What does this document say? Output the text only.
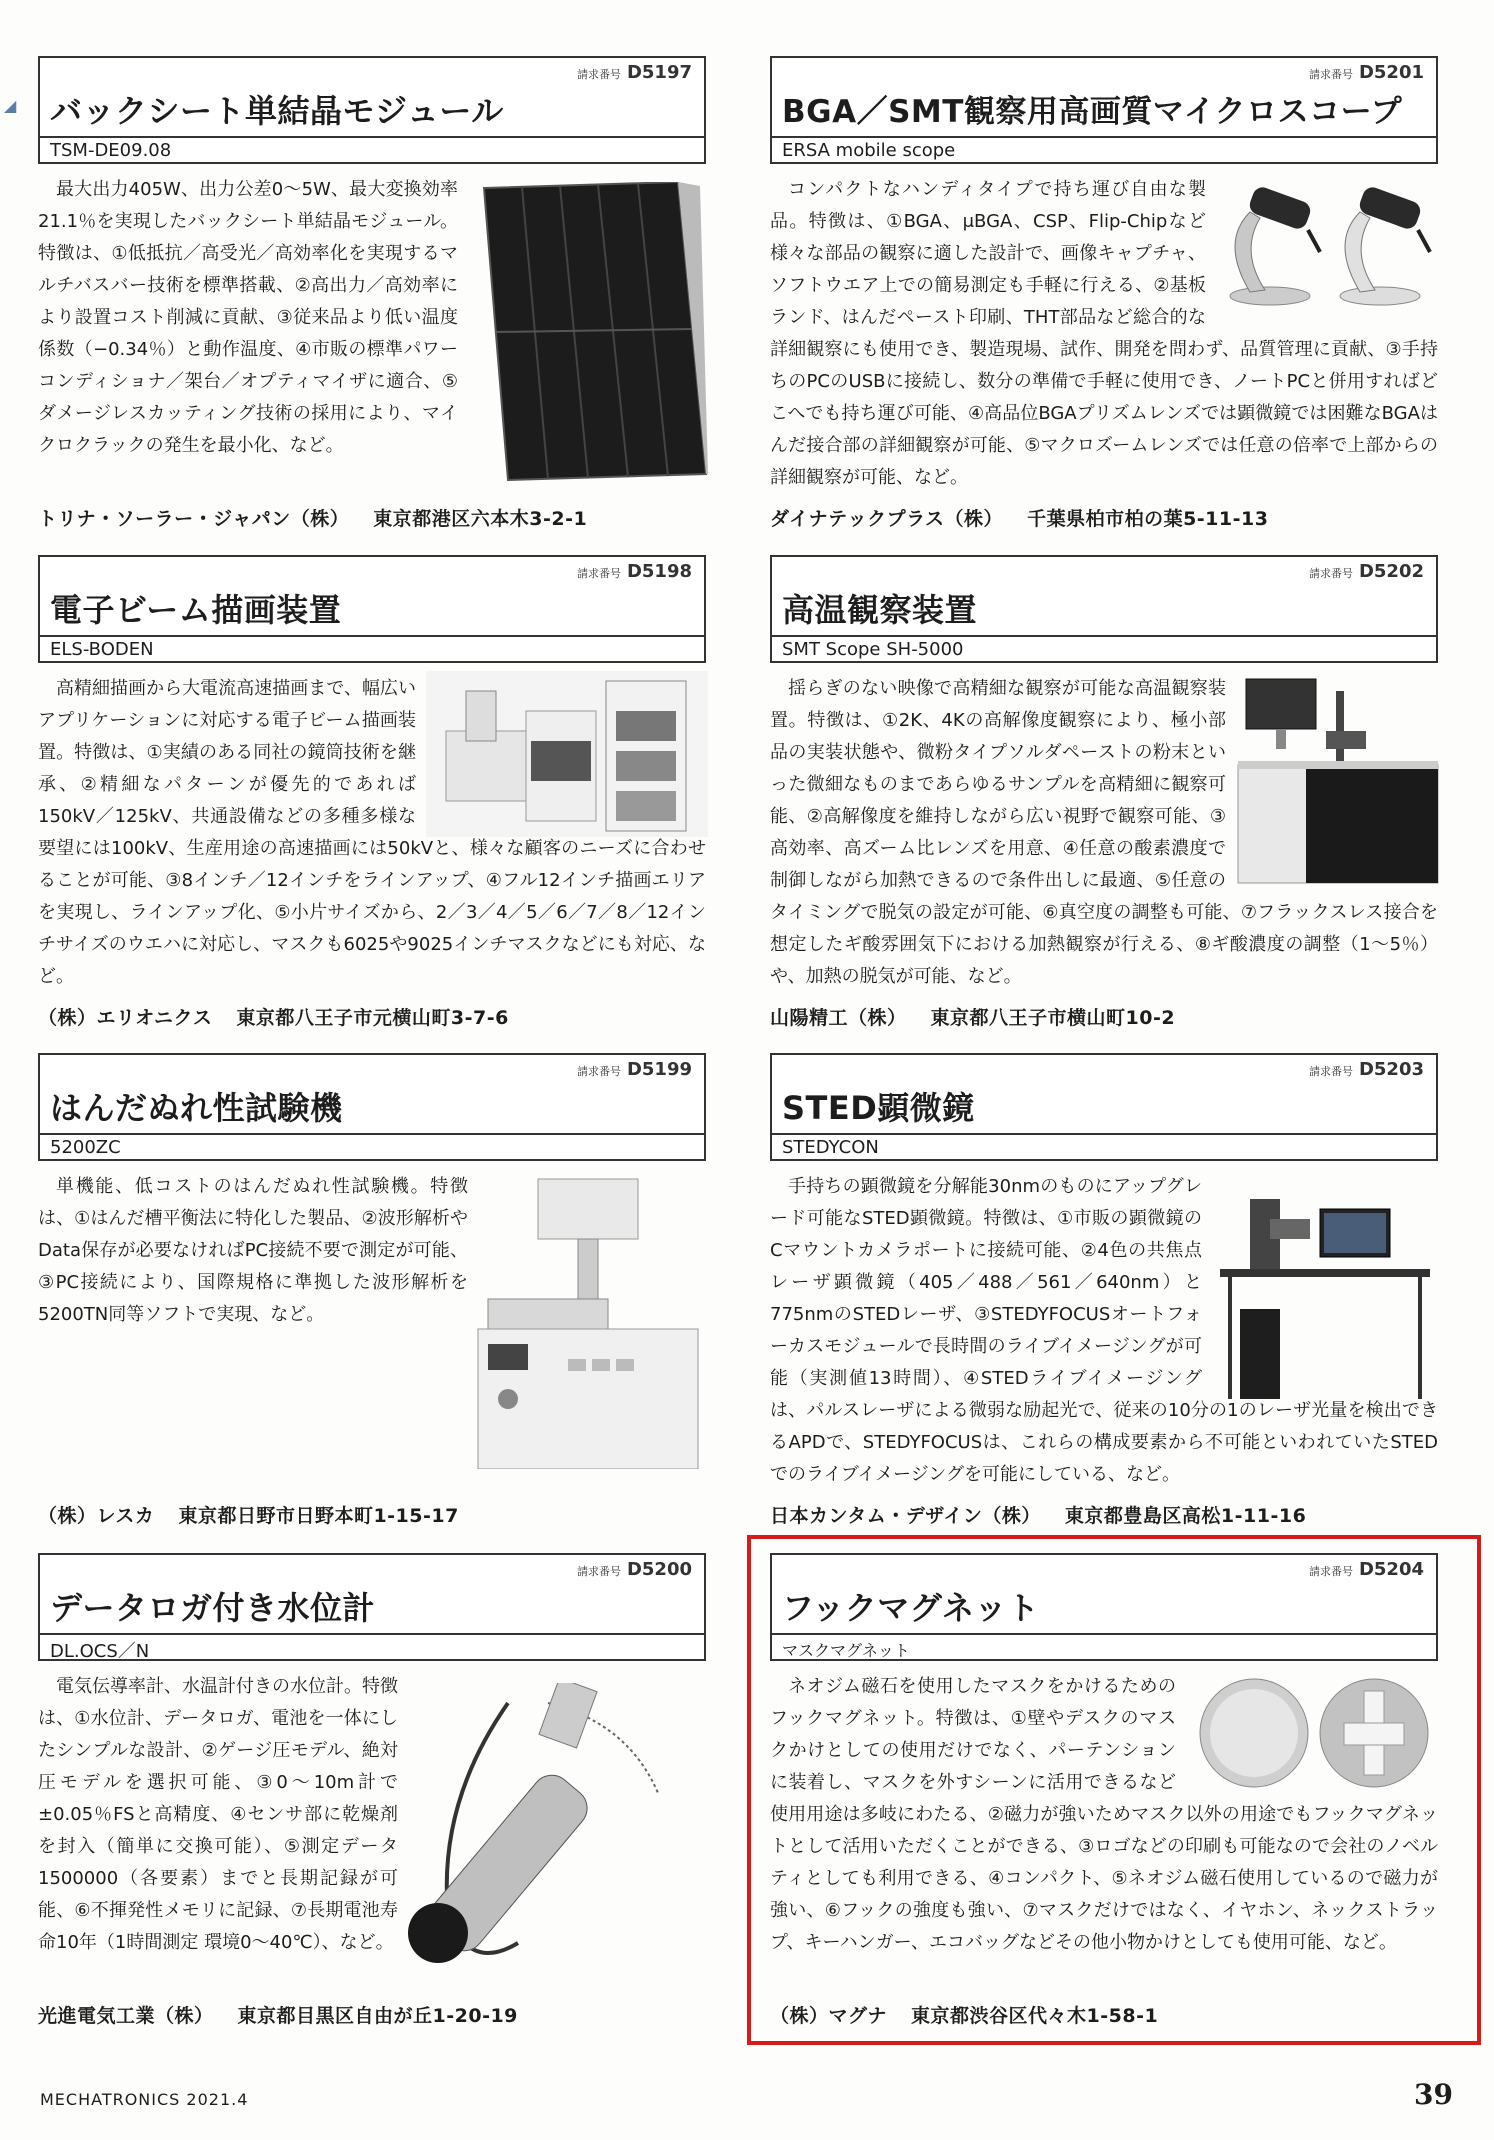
◢
請求番号 D5197
バックシート単結晶モジュール
TSM-DE09.08
最大出力405W、出力公差0～5W、最大変換効率21.1％を実現したバックシート単結晶モジュール。特徴は、①低抵抗／高受光／高効率化を実現するマルチバスバー技術を標準搭載、②高出力／高効率により設置コスト削減に貢献、③従来品より低い温度係数（−0.34％）と動作温度、④市販の標準パワーコンディショナ／架台／オプティマイザに適合、⑤ダメージレスカッティング技術の採用により、マイクロクラックの発生を最小化、など。
トリナ・ソーラー・ジャパン（株） 東京都港区六本木3-2-1
請求番号 D5201
BGA／SMT観察用高画質マイクロスコープ
ERSA mobile scope
コンパクトなハンディタイプで持ち運び自由な製品。特徴は、①BGA、μBGA、CSP、Flip-Chipなど様々な部品の観察に適した設計で、画像キャプチャ、ソフトウエア上での簡易測定も手軽に行える、②基板ランド、はんだペースト印刷、THT部品など総合的な詳細観察にも使用でき、製造現場、試作、開発を問わず、品質管理に貢献、③手持ちのPCのUSBに接続し、数分の準備で手軽に使用でき、ノートPCと併用すればどこへでも持ち運び可能、④高品位BGAプリズムレンズでは顕微鏡では困難なBGAはんだ接合部の詳細観察が可能、⑤マクロズームレンズでは任意の倍率で上部からの詳細観察が可能、など。
ダイナテックプラス（株） 千葉県柏市柏の葉5-11-13
請求番号 D5198
電子ビーム描画装置
ELS-BODEN
高精細描画から大電流高速描画まで、幅広いアプリケーションに対応する電子ビーム描画装置。特徴は、①実績のある同社の鏡筒技術を継承、②精細なパターンが優先的であれば150kV／125kV、共通設備などの多種多様な要望には100kV、生産用途の高速描画には50kVと、様々な顧客のニーズに合わせることが可能、③8インチ／12インチをラインアップ、④フル12インチ描画エリアを実現し、ラインアップ化、⑤小片サイズから、2／3／4／5／6／7／8／12インチサイズのウエハに対応し、マスクも6025や9025インチマスクなどにも対応、など。
（株）エリオニクス 東京都八王子市元横山町3-7-6
請求番号 D5202
高温観察装置
SMT Scope SH-5000
揺らぎのない映像で高精細な観察が可能な高温観察装置。特徴は、①2K、4Kの高解像度観察により、極小部品の実装状態や、微粉タイプソルダペーストの粉末といった微細なものまであらゆるサンプルを高精細に観察可能、②高解像度を維持しながら広い視野で観察可能、③高効率、高ズーム比レンズを用意、④任意の酸素濃度で制御しながら加熱できるので条件出しに最適、⑤任意のタイミングで脱気の設定が可能、⑥真空度の調整も可能、⑦フラックスレス接合を想定したギ酸雰囲気下における加熱観察が行える、⑧ギ酸濃度の調整（1～5％）や、加熱の脱気が可能、など。
山陽精工（株） 東京都八王子市横山町10-2
請求番号 D5199
はんだぬれ性試験機
5200ZC
単機能、低コストのはんだぬれ性試験機。特徴は、①はんだ槽平衡法に特化した製品、②波形解析やData保存が必要なければPC接続不要で測定が可能、③PC接続により、国際規格に準拠した波形解析を5200TN同等ソフトで実現、など。
（株）レスカ 東京都日野市日野本町1-15-17
請求番号 D5203
STED顕微鏡
STEDYCON
手持ちの顕微鏡を分解能30nmのものにアップグレード可能なSTED顕微鏡。特徴は、①市販の顕微鏡のCマウントカメラポートに接続可能、②4色の共焦点レーザ顕微鏡（405／488／561／640nm）と775nmのSTEDレーザ、③STEDYFOCUSオートフォーカスモジュールで長時間のライブイメージングが可能（実測値13時間）、④STEDライブイメージングは、パルスレーザによる微弱な励起光で、従来の10分の1のレーザ光量を検出できるAPDで、STEDYFOCUSは、これらの構成要素から不可能といわれていたSTEDでのライブイメージングを可能にしている、など。
日本カンタム・デザイン（株） 東京都豊島区高松1-11-16
請求番号 D5200
データロガ付き水位計
DL.OCS／N
電気伝導率計、水温計付きの水位計。特徴は、①水位計、データロガ、電池を一体にしたシンプルな設計、②ゲージ圧モデル、絶対圧モデルを選択可能、③0～10m計で±0.05％FSと高精度、④センサ部に乾燥剤を封入（簡単に交換可能）、⑤測定データ1500000（各要素）までと長期記録が可能、⑥不揮発性メモリに記録、⑦長期電池寿命10年（1時間測定 環境0～40℃）、など。
光進電気工業（株） 東京都目黒区自由が丘1-20-19
請求番号 D5204
フックマグネット
マスクマグネット
ネオジム磁石を使用したマスクをかけるためのフックマグネット。特徴は、①壁やデスクのマスクかけとしての使用だけでなく、パーテンションに装着し、マスクを外すシーンに活用できるなど使用用途は多岐にわたる、②磁力が強いためマスク以外の用途でもフックマグネットとして活用いただくことができる、③ロゴなどの印刷も可能なので会社のノベルティとしても利用できる、④コンパクト、⑤ネオジム磁石使用しているので磁力が強い、⑥フックの強度も強い、⑦マスクだけではなく、イヤホン、ネックストラップ、キーハンガー、エコバッグなどその他小物かけとしても使用可能、など。
（株）マグナ 東京都渋谷区代々木1-58-1
MECHATRONICS 2021.4	39
